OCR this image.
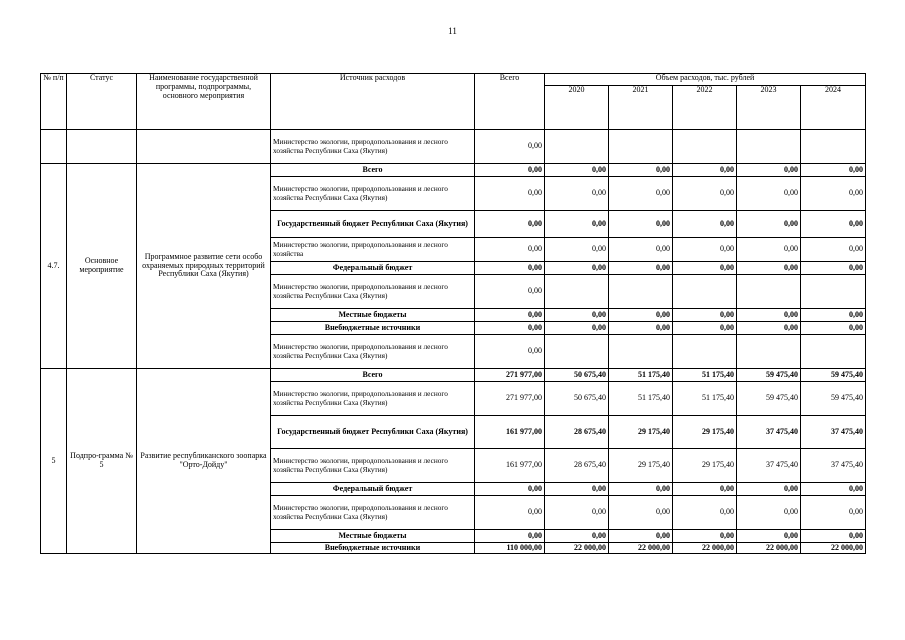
11
№ п/п	Статус	Наименование государственной программы, подпрограммы, основного мероприятия	Источник расходов	Всего	Объем расходов, тыс. рублей				
					2020	2021	2022	2023	2024
			Министерство экологии, природопользования и лесного хозяйства Республики Саха (Якутия)	0,00					
4.7.	Основное мероприятие	Программное развитие сети особо охраняемых природных территорий Республики Саха (Якутия)	Всего	0,00	0,00	0,00	0,00	0,00	0,00
			Министерство экологии, природопользования и лесного хозяйства Республики Саха (Якутия)	0,00	0,00	0,00	0,00	0,00	0,00
			Государственный бюджет Республики Саха (Якутия)	0,00	0,00	0,00	0,00	0,00	0,00
			Министерство экологии, природопользования и лесного хозяйства	0,00	0,00	0,00	0,00	0,00	0,00
			Федеральный бюджет	0,00	0,00	0,00	0,00	0,00	0,00
			Министерство экологии, природопользования и лесного хозяйства Республики Саха (Якутия)	0,00					
			Местные бюджеты	0,00	0,00	0,00	0,00	0,00	0,00
			Внебюджетные источники	0,00	0,00	0,00	0,00	0,00	0,00
			Министерство экологии, природопользования и лесного хозяйства Республики Саха (Якутия)	0,00					
5	Подпро-грамма № 5	Развитие республиканского зоопарка "Орто-Дойду"	Всего	271 977,00	50 675,40	51 175,40	51 175,40	59 475,40	59 475,40
			Министерство экологии, природопользования и лесного хозяйства Республики Саха (Якутия)	271 977,00	50 675,40	51 175,40	51 175,40	59 475,40	59 475,40
			Государственный бюджет Республики Саха (Якутия)	161 977,00	28 675,40	29 175,40	29 175,40	37 475,40	37 475,40
			Министерство экологии, природопользования и лесного хозяйства Республики Саха (Якутия)	161 977,00	28 675,40	29 175,40	29 175,40	37 475,40	37 475,40
			Федеральный бюджет	0,00	0,00	0,00	0,00	0,00	0,00
			Министерство экологии, природопользования и лесного хозяйства Республики Саха (Якутия)	0,00	0,00	0,00	0,00	0,00	0,00
			Местные бюджеты	0,00	0,00	0,00	0,00	0,00	0,00
			Внебюджетные источники	110 000,00	22 000,00	22 000,00	22 000,00	22 000,00	22 000,00
